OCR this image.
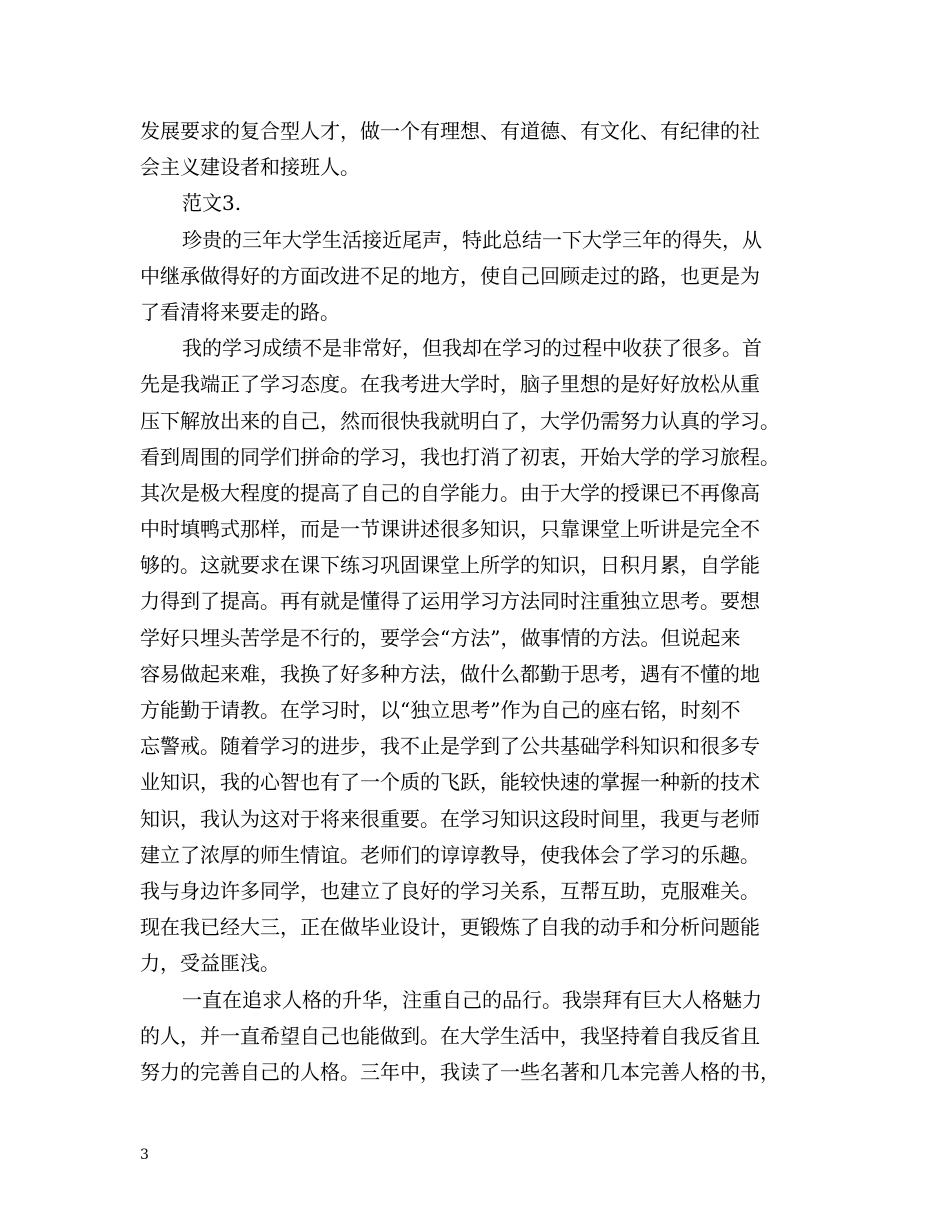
发展要求的复合型人才，做一个有理想、有道德、有文化、有纪律的社
会主义建设者和接班人。
范文3.
珍贵的三年大学生活接近尾声，特此总结一下大学三年的得失，从
中继承做得好的方面改进不足的地方，使自己回顾走过的路，也更是为
了看清将来要走的路。
我的学习成绩不是非常好，但我却在学习的过程中收获了很多。首
先是我端正了学习态度。在我考进大学时，脑子里想的是好好放松从重
压下解放出来的自己，然而很快我就明白了，大学仍需努力认真的学习。
看到周围的同学们拼命的学习，我也打消了初衷，开始大学的学习旅程。
其次是极大程度的提高了自己的自学能力。由于大学的授课已不再像高
中时填鸭式那样，而是一节课讲述很多知识，只靠课堂上听讲是完全不
够的。这就要求在课下练习巩固课堂上所学的知识，日积月累，自学能
力得到了提高。再有就是懂得了运用学习方法同时注重独立思考。要想
学好只埋头苦学是不行的，要学会“方法”，做事情的方法。但说起来
容易做起来难，我换了好多种方法，做什么都勤于思考，遇有不懂的地
方能勤于请教。在学习时，以“独立思考”作为自己的座右铭，时刻不
忘警戒。随着学习的进步，我不止是学到了公共基础学科知识和很多专
业知识，我的心智也有了一个质的飞跃，能较快速的掌握一种新的技术
知识，我认为这对于将来很重要。在学习知识这段时间里，我更与老师
建立了浓厚的师生情谊。老师们的谆谆教导，使我体会了学习的乐趣。
我与身边许多同学，也建立了良好的学习关系，互帮互助，克服难关。
现在我已经大三，正在做毕业设计，更锻炼了自我的动手和分析问题能
力，受益匪浅。
一直在追求人格的升华，注重自己的品行。我崇拜有巨大人格魅力
的人，并一直希望自己也能做到。在大学生活中，我坚持着自我反省且
努力的完善自己的人格。三年中，我读了一些名著和几本完善人格的书，
3
